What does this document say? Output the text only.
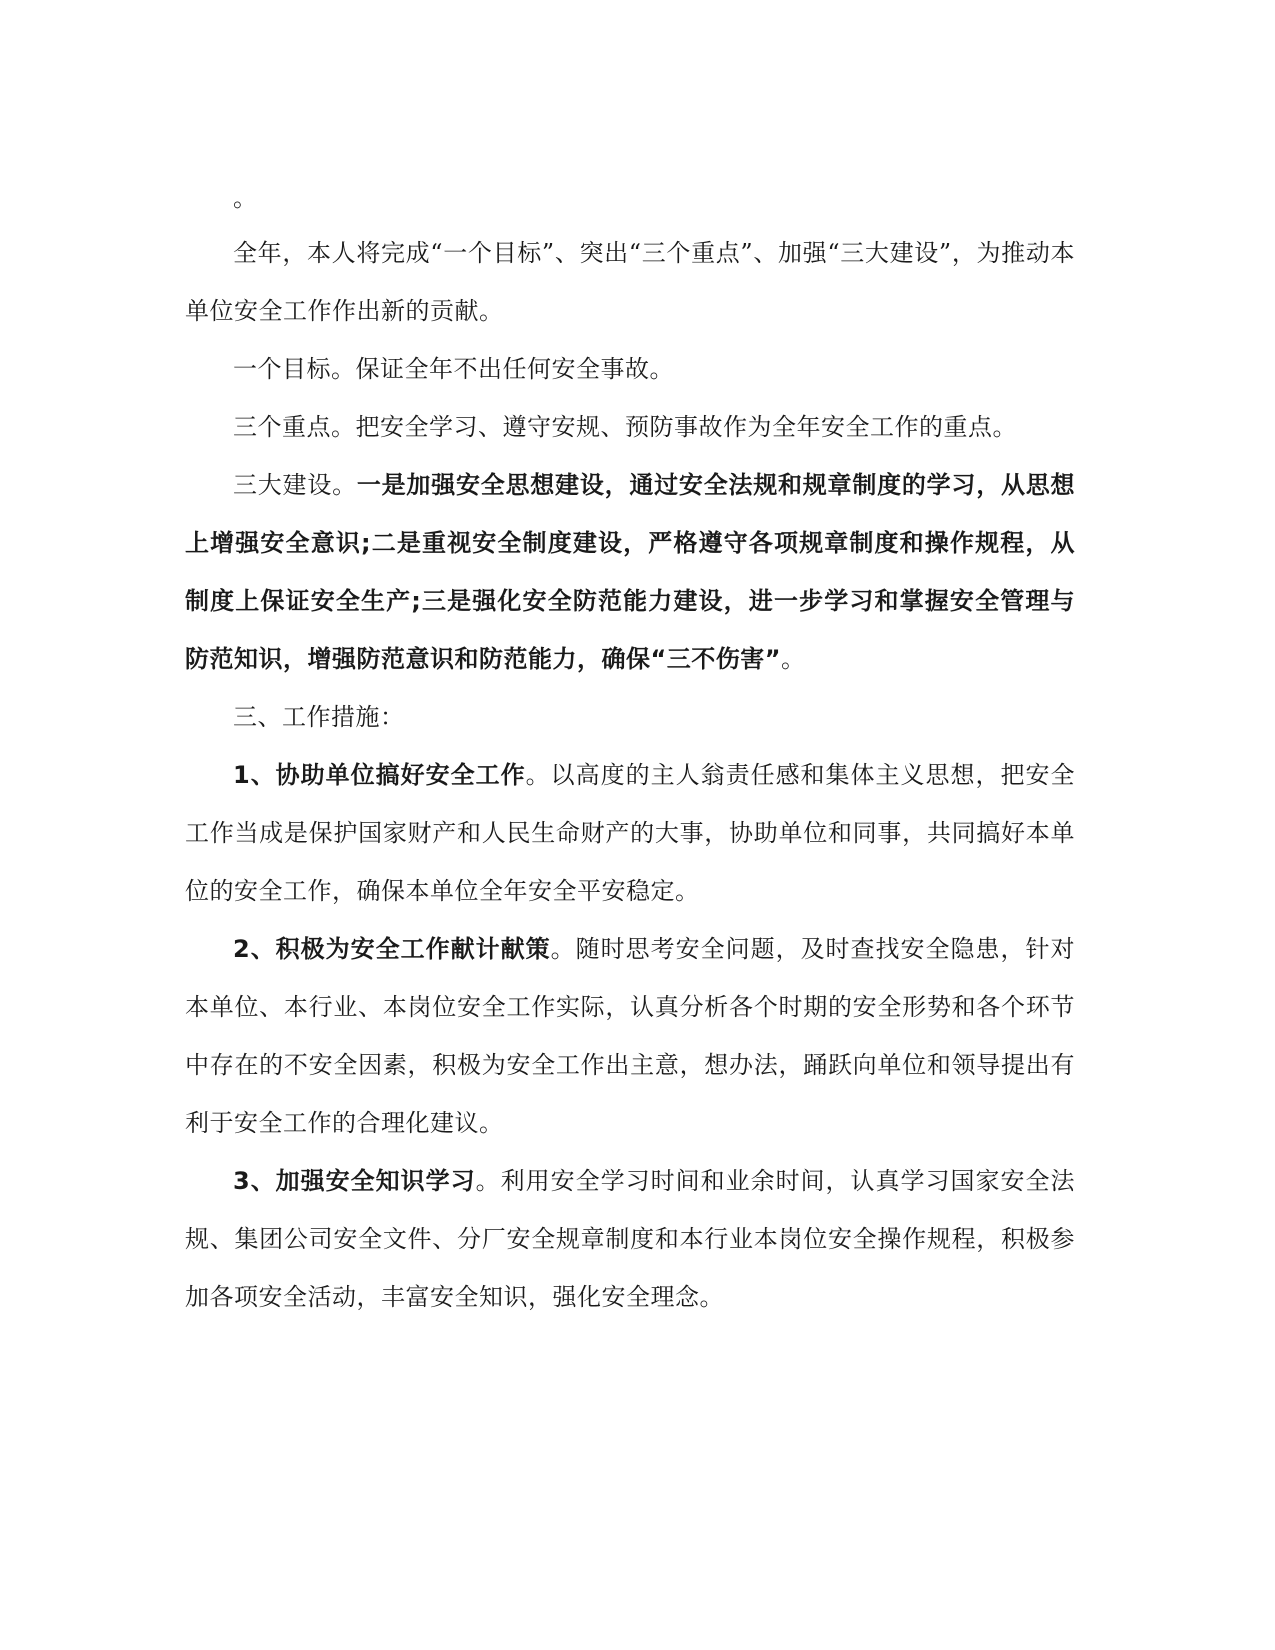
。

全年，本人将完成“一个目标”、突出“三个重点”、加强“三大建设”，为推动本单位安全工作作出新的贡献。

一个目标。保证全年不出任何安全事故。

三个重点。把安全学习、遵守安规、预防事故作为全年安全工作的重点。

三大建设。一是加强安全思想建设，通过安全法规和规章制度的学习，从思想上增强安全意识;二是重视安全制度建设，严格遵守各项规章制度和操作规程，从制度上保证安全生产;三是强化安全防范能力建设，进一步学习和掌握安全管理与防范知识，增强防范意识和防范能力，确保“三不伤害”。

三、工作措施：

1、协助单位搞好安全工作。以高度的主人翁责任感和集体主义思想，把安全工作当成是保护国家财产和人民生命财产的大事，协助单位和同事，共同搞好本单位的安全工作，确保本单位全年安全平安稳定。

2、积极为安全工作献计献策。随时思考安全问题，及时查找安全隐患，针对本单位、本行业、本岗位安全工作实际，认真分析各个时期的安全形势和各个环节中存在的不安全因素，积极为安全工作出主意，想办法，踊跃向单位和领导提出有利于安全工作的合理化建议。

3、加强安全知识学习。利用安全学习时间和业余时间，认真学习国家安全法规、集团公司安全文件、分厂安全规章制度和本行业本岗位安全操作规程，积极参加各项安全活动，丰富安全知识，强化安全理念。
